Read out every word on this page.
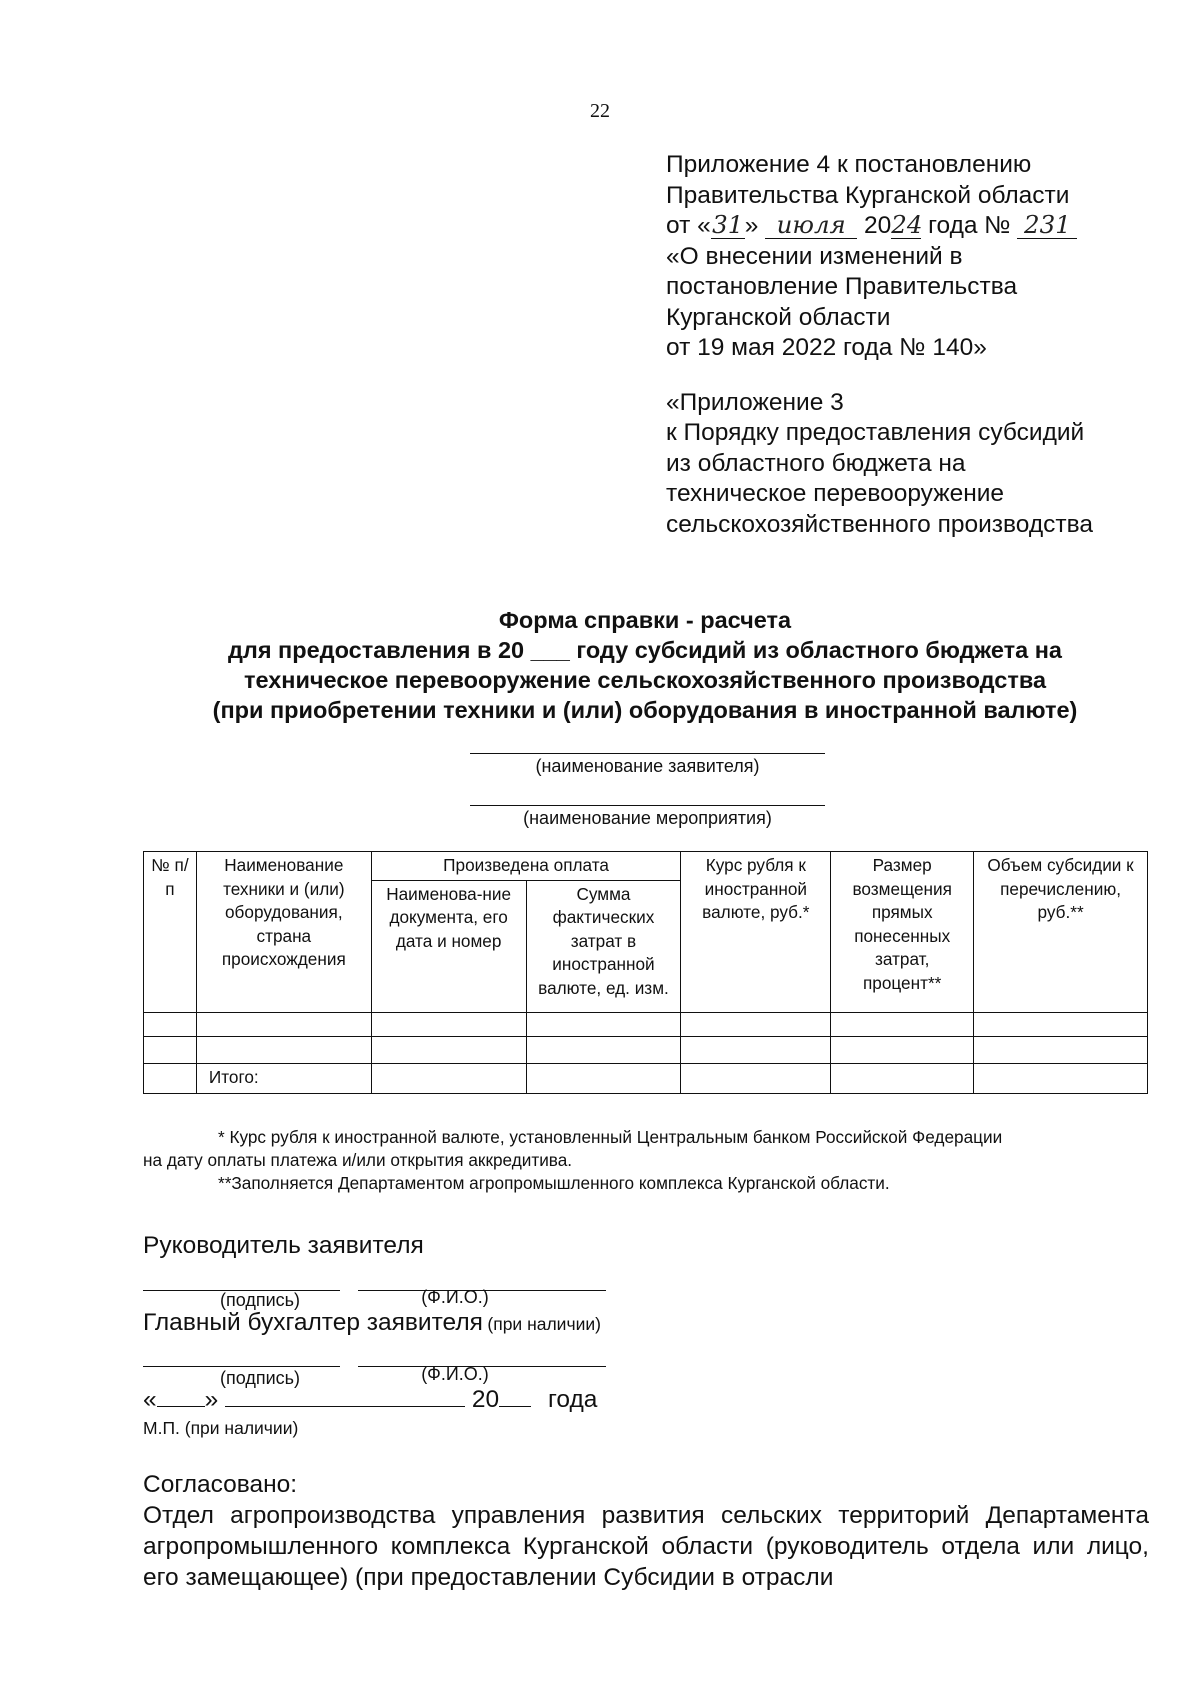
22
Приложение 4 к постановлению
Правительства Курганской области
от «31» июля 2024 года № 231
«О внесении изменений в
постановление Правительства
Курганской области
от 19 мая 2022 года № 140»
«Приложение 3
к Порядку предоставления субсидий
из областного бюджета на
техническое перевооружение
сельскохозяйственного производства
Форма справки - расчета
для предоставления в 20 ___ году субсидий из областного бюджета на
техническое перевооружение сельскохозяйственного производства
(при приобретении техники и (или) оборудования в иностранной валюте)
(наименование заявителя)
(наименование мероприятия)
№ п/п	Наименование техники и (или) оборудования, страна происхождения	Произведена оплата		Курс рубля к иностранной валюте, руб.*	Размер возмещения прямых понесенных затрат, процент**	Объем субсидии к перечислению, руб.**
		Наименова-ние документа, его дата и номер	Сумма фактических затрат в иностранной валюте, ед. изм.			

	Итого:					
* Курс рубля к иностранной валюте, установленный Центральным банком Российской Федерации
на дату оплаты платежа и/или открытия аккредитива.
**Заполняется Департаментом агропромышленного комплекса Курганской области.
Руководитель заявителя
(подпись)	(Ф.И.О.)
Главный бухгалтер заявителя (при наличии)
(подпись)	(Ф.И.О.)
« »	20 года
М.П. (при наличии)
Согласовано:
Отдел агропроизводства управления развития сельских территорий Департамента агропромышленного комплекса Курганской области (руководитель отдела или лицо, его замещающее) (при предоставлении Субсидии в отрасли
